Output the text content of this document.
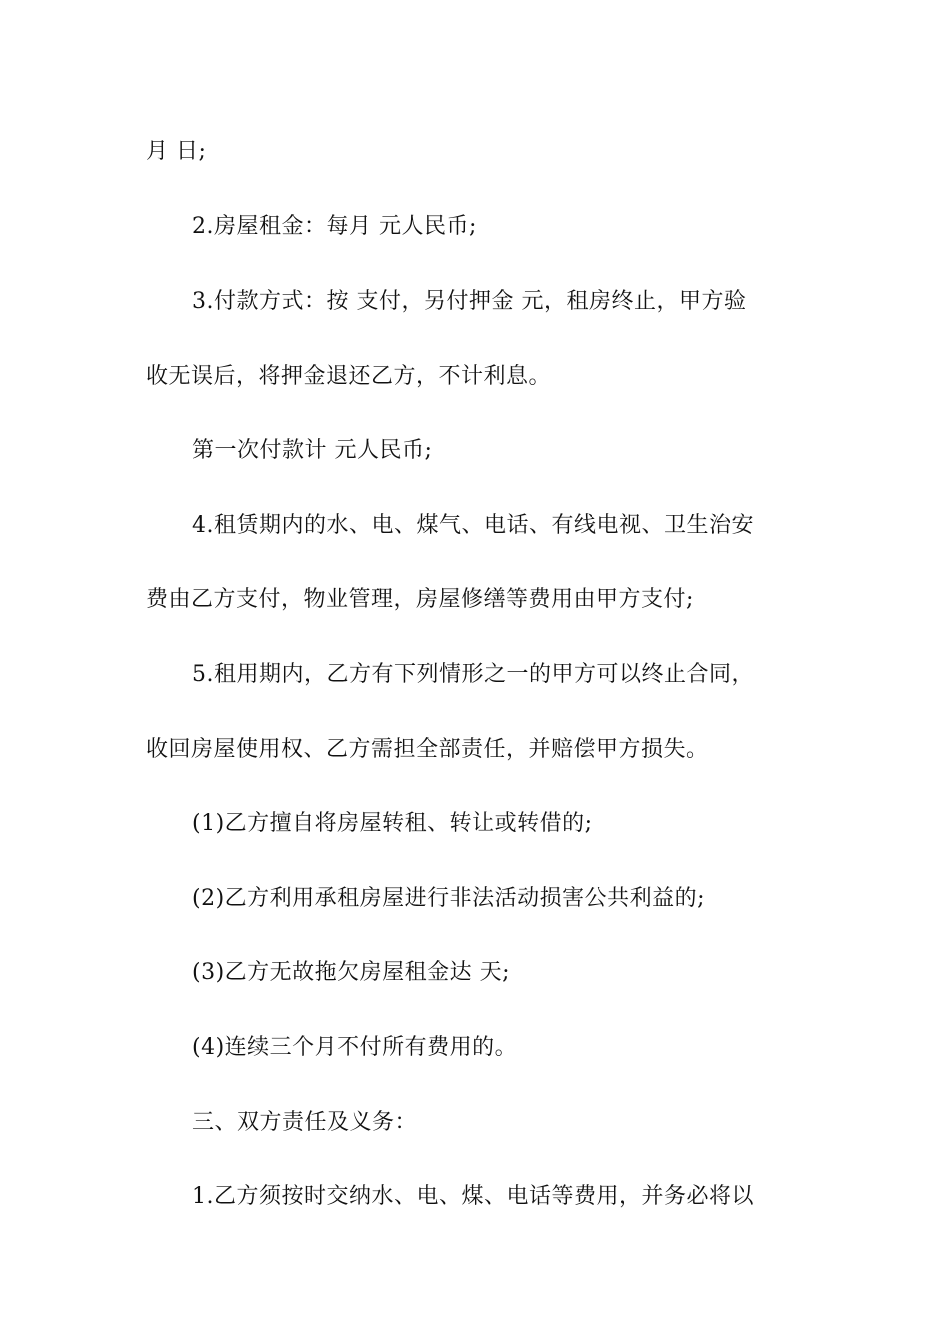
月 日;
2.房屋租金：每月 元人民币;
3.付款方式：按 支付，另付押金 元，租房终止，甲方验
收无误后，将押金退还乙方，不计利息。
第一次付款计 元人民币;
4.租赁期内的水、电、煤气、电话、有线电视、卫生治安
费由乙方支付，物业管理，房屋修缮等费用由甲方支付;
5.租用期内，乙方有下列情形之一的甲方可以终止合同，
收回房屋使用权、乙方需担全部责任，并赔偿甲方损失。
(1)乙方擅自将房屋转租、转让或转借的;
(2)乙方利用承租房屋进行非法活动损害公共利益的;
(3)乙方无故拖欠房屋租金达 天;
(4)连续三个月不付所有费用的。
三、双方责任及义务：
1.乙方须按时交纳水、电、煤、电话等费用，并务必将以
